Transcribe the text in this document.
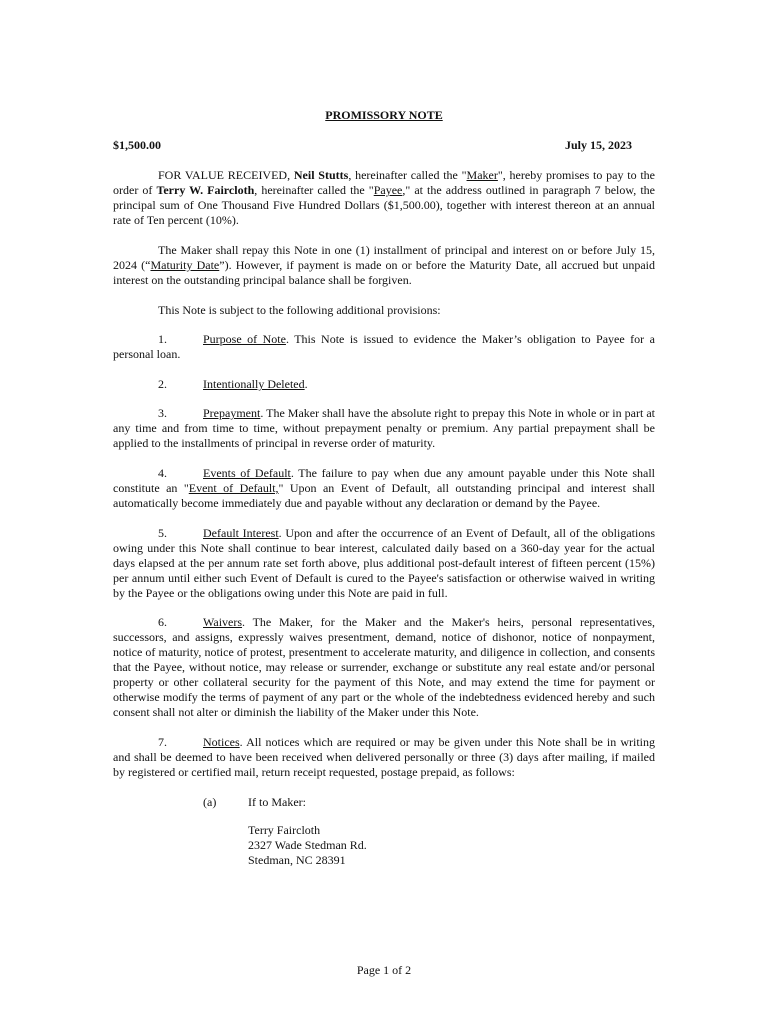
PROMISSORY NOTE
$1,500.00	July 15, 2023
FOR VALUE RECEIVED, Neil Stutts, hereinafter called the "Maker", hereby promises to pay to the order of Terry W. Faircloth, hereinafter called the "Payee," at the address outlined in paragraph 7 below, the principal sum of One Thousand Five Hundred Dollars ($1,500.00), together with interest thereon at an annual rate of Ten percent (10%).
The Maker shall repay this Note in one (1) installment of principal and interest on or before July 15, 2024 (“Maturity Date”). However, if payment is made on or before the Maturity Date, all accrued but unpaid interest on the outstanding principal balance shall be forgiven.
This Note is subject to the following additional provisions:
1.	Purpose of Note. This Note is issued to evidence the Maker’s obligation to Payee for a personal loan.
2.	Intentionally Deleted.
3.	Prepayment. The Maker shall have the absolute right to prepay this Note in whole or in part at any time and from time to time, without prepayment penalty or premium. Any partial prepayment shall be applied to the installments of principal in reverse order of maturity.
4.	Events of Default. The failure to pay when due any amount payable under this Note shall constitute an "Event of Default," Upon an Event of Default, all outstanding principal and interest shall automatically become immediately due and payable without any declaration or demand by the Payee.
5.	Default Interest. Upon and after the occurrence of an Event of Default, all of the obligations owing under this Note shall continue to bear interest, calculated daily based on a 360-day year for the actual days elapsed at the per annum rate set forth above, plus additional post-default interest of fifteen percent (15%) per annum until either such Event of Default is cured to the Payee's satisfaction or otherwise waived in writing by the Payee or the obligations owing under this Note are paid in full.
6.	Waivers. The Maker, for the Maker and the Maker's heirs, personal representatives, successors, and assigns, expressly waives presentment, demand, notice of dishonor, notice of nonpayment, notice of maturity, notice of protest, presentment to accelerate maturity, and diligence in collection, and consents that the Payee, without notice, may release or surrender, exchange or substitute any real estate and/or personal property or other collateral security for the payment of this Note, and may extend the time for payment or otherwise modify the terms of payment of any part or the whole of the indebtedness evidenced hereby and such consent shall not alter or diminish the liability of the Maker under this Note.
7.	Notices. All notices which are required or may be given under this Note shall be in writing and shall be deemed to have been received when delivered personally or three (3) days after mailing, if mailed by registered or certified mail, return receipt requested, postage prepaid, as follows:
(a)	If to Maker:
Terry Faircloth
2327 Wade Stedman Rd.
Stedman, NC 28391
Page 1 of 2
